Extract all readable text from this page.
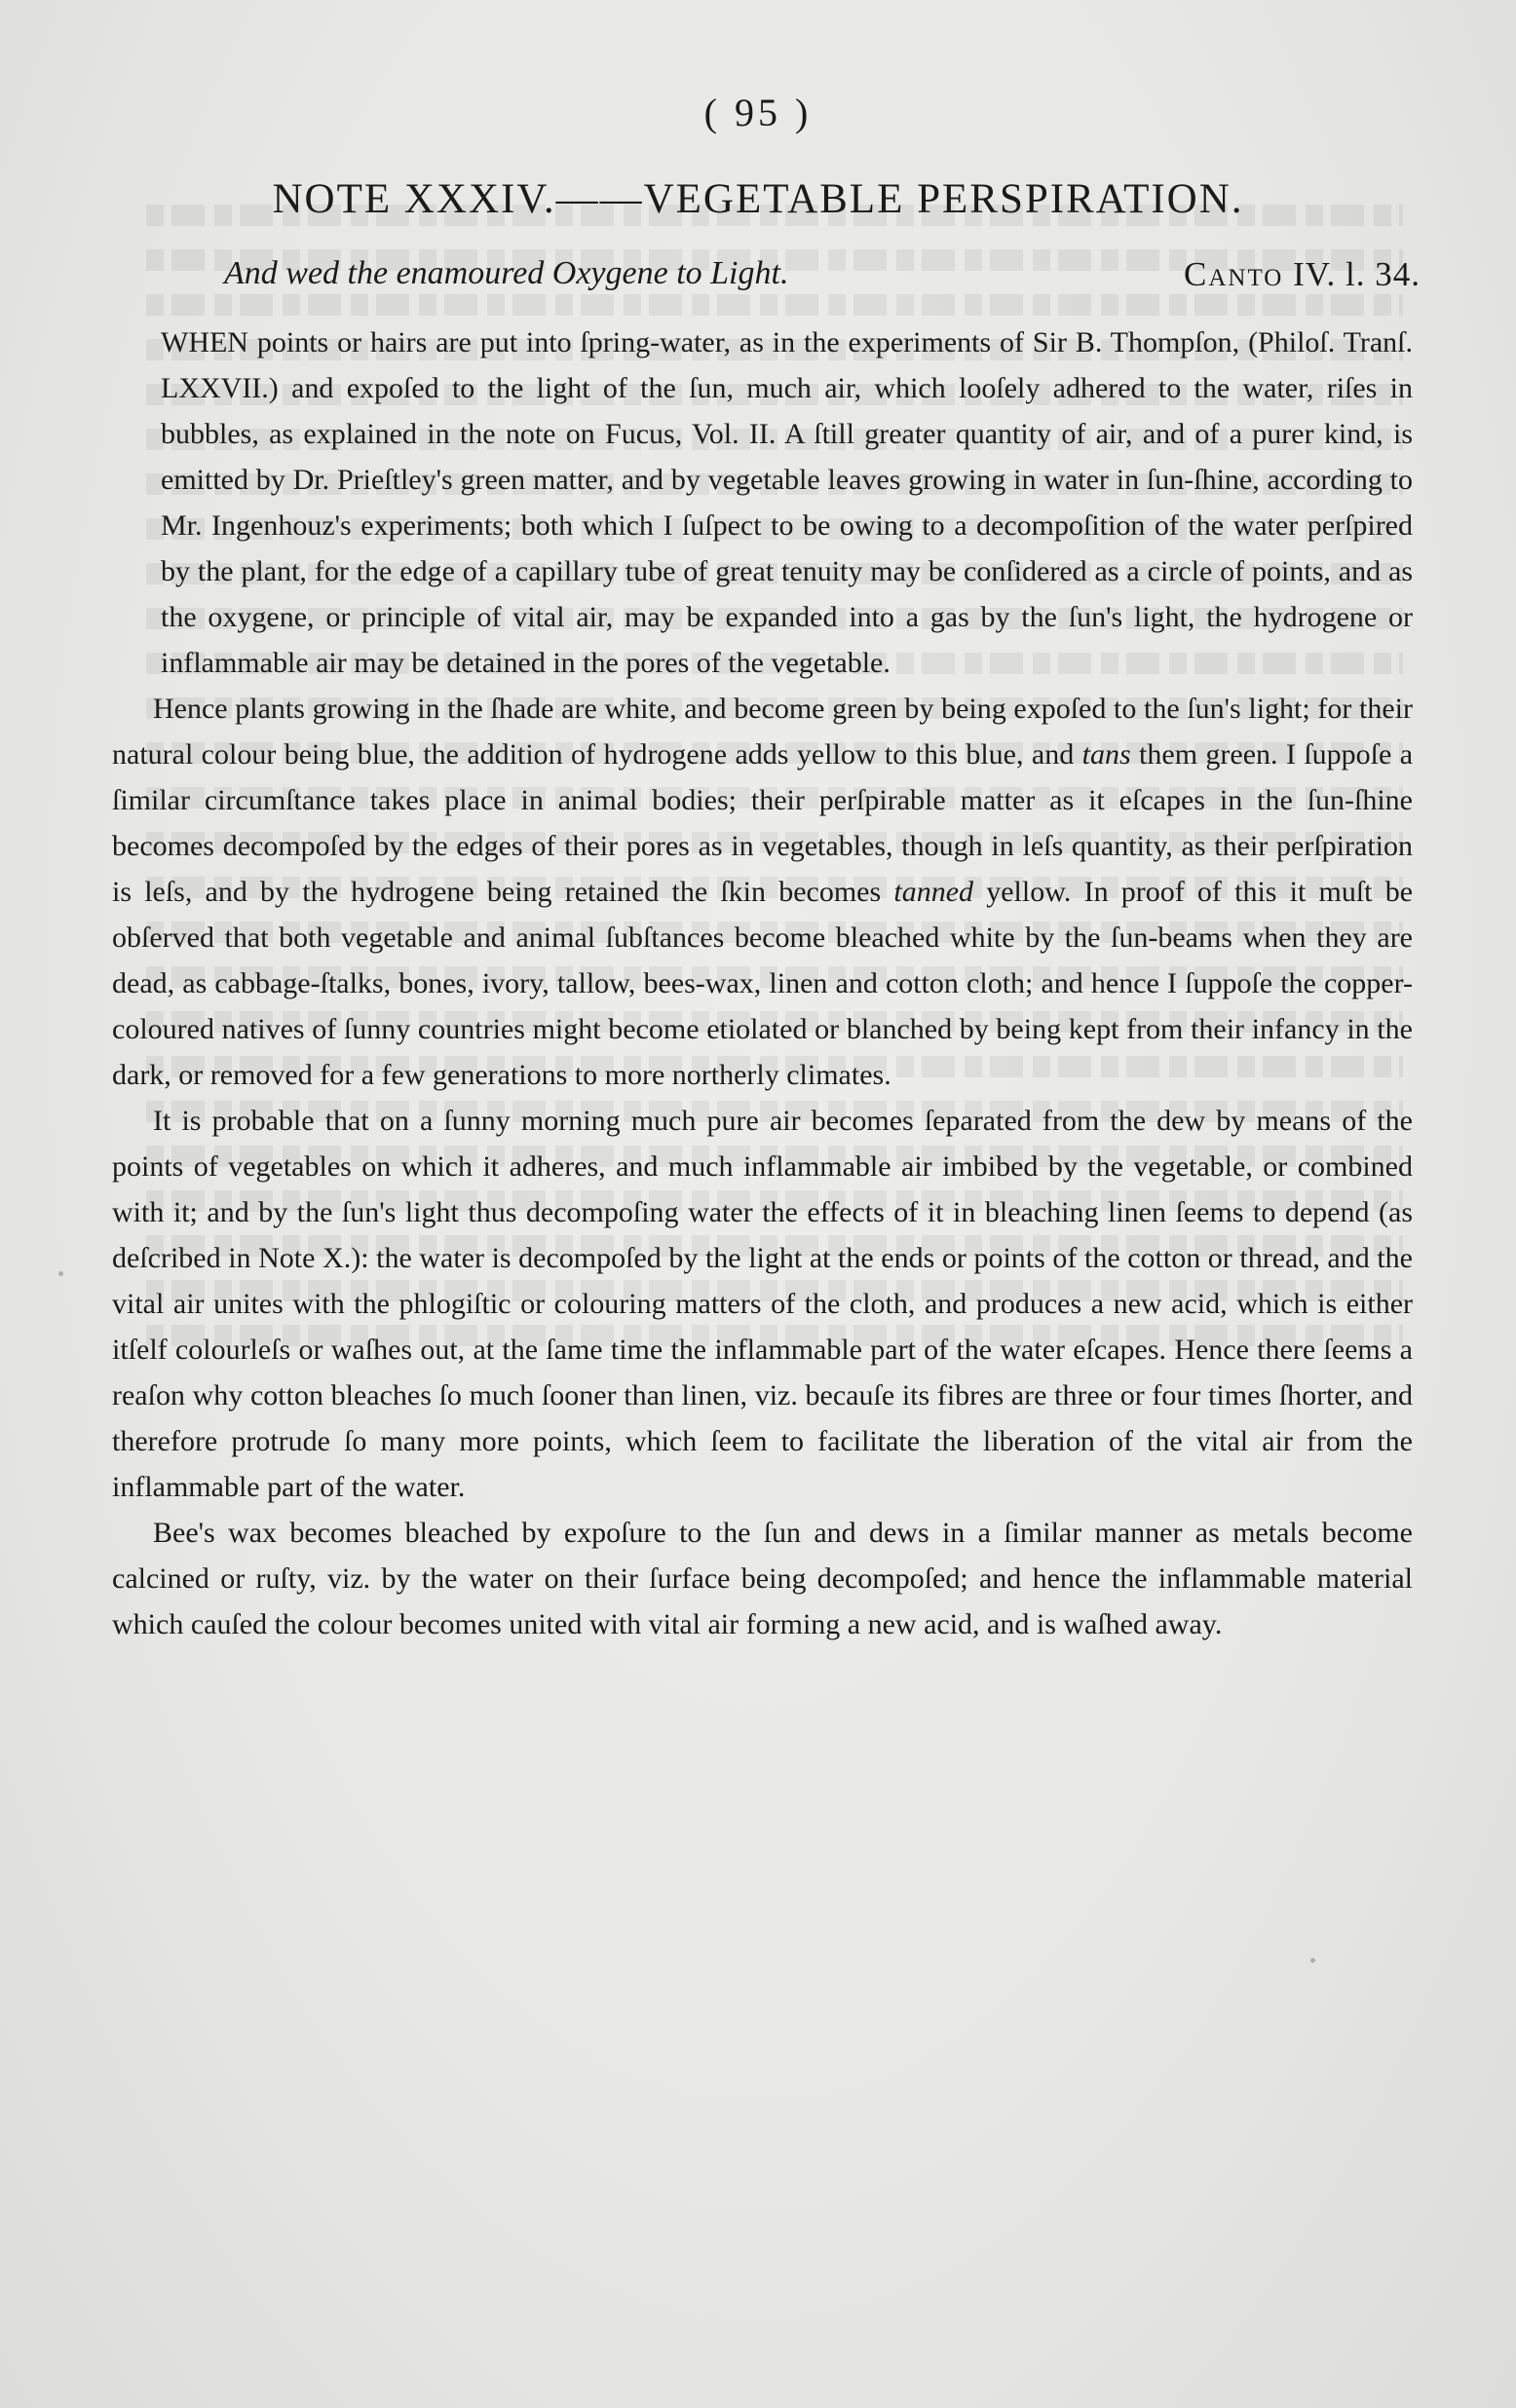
( 95 )
NOTE XXXIV.——VEGETABLE PERSPIRATION.
And wed the enamoured Oxygene to Light.	Canto IV. l. 34.

WHEN points or hairs are put into ſpring-water, as in the experiments of Sir B. Thompſon, (Philoſ. Tranſ. LXXVII.) and expoſed to the light of the ſun, much air, which looſely adhered to the water, riſes in bubbles, as explained in the note on Fucus, Vol. II. A ſtill greater quantity of air, and of a purer kind, is emitted by Dr. Prieſtley's green matter, and by vegetable leaves growing in water in ſun-ſhine, according to Mr. Ingenhouz's experiments; both which I ſuſpect to be owing to a decompoſition of the water perſpired by the plant, for the edge of a capillary tube of great tenuity may be conſidered as a circle of points, and as the oxygene, or principle of vital air, may be expanded into a gas by the ſun's light, the hydrogene or inflammable air may be detained in the pores of the vegetable.

Hence plants growing in the ſhade are white, and become green by being expoſed to the ſun's light; for their natural colour being blue, the addition of hydrogene adds yellow to this blue, and tans them green. I ſuppoſe a ſimilar circumſtance takes place in animal bodies; their perſpirable matter as it eſcapes in the ſun-ſhine becomes decompoſed by the edges of their pores as in vegetables, though in leſs quantity, as their perſpiration is leſs, and by the hydrogene being retained the ſkin becomes tanned yellow. In proof of this it muſt be obſerved that both vegetable and animal ſubſtances become bleached white by the ſun-beams when they are dead, as cabbage-ſtalks, bones, ivory, tallow, bees-wax, linen and cotton cloth; and hence I ſuppoſe the copper-coloured natives of ſunny countries might become etiolated or blanched by being kept from their infancy in the dark, or removed for a few generations to more northerly climates.

It is probable that on a ſunny morning much pure air becomes ſeparated from the dew by means of the points of vegetables on which it adheres, and much inflammable air imbibed by the vegetable, or combined with it; and by the ſun's light thus decompoſing water the effects of it in bleaching linen ſeems to depend (as deſcribed in Note X.): the water is decompoſed by the light at the ends or points of the cotton or thread, and the vital air unites with the phlogiſtic or colouring matters of the cloth, and produces a new acid, which is either itſelf colourleſs or waſhes out, at the ſame time the inflammable part of the water eſcapes. Hence there ſeems a reaſon why cotton bleaches ſo much ſooner than linen, viz. becauſe its fibres are three or four times ſhorter, and therefore protrude ſo many more points, which ſeem to facilitate the liberation of the vital air from the inflammable part of the water.

Bee's wax becomes bleached by expoſure to the ſun and dews in a ſimilar manner as metals become calcined or ruſty, viz. by the water on their ſurface being decompoſed; and hence the inflammable material which cauſed the colour becomes united with vital air forming a new acid, and is waſhed away.
